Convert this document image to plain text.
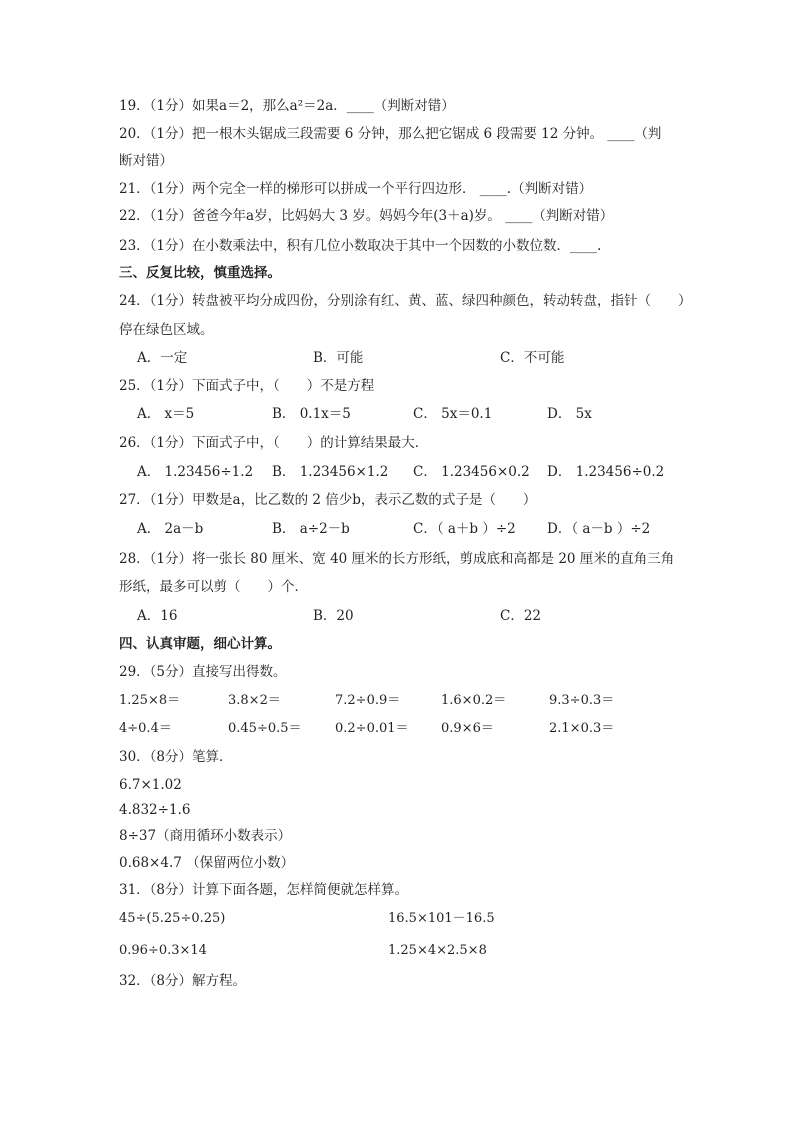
19．（1分）如果a＝2，那么a²＝2a．____（判断对错）
20．（1分）把一根木头锯成三段需要 6 分钟，那么把它锯成 6 段需要 12 分钟。 ____（判
断对错）
21．（1分）两个完全一样的梯形可以拼成一个平行四边形． ____.（判断对错）
22．（1分）爸爸今年a岁，比妈妈大 3 岁。妈妈今年(3＋a)岁。 ____（判断对错）
23．（1分）在小数乘法中，积有几位小数取决于其中一个因数的小数位数．____.
三、反复比较，慎重选择。
24．（1分）转盘被平均分成四份，分别涂有红、黄、蓝、绿四种颜色，转动转盘，指针（　　）
停在绿色区域。
A．一定	B．可能	C．不可能
25．（1分）下面式子中，（　　）不是方程
A． x＝5	B． 0.1x＝5	C． 5x＝0.1	D． 5x
26．（1分）下面式子中，（　　）的计算结果最大．
A． 1.23456÷1.2 B． 1.23456×1.2 C． 1.23456×0.2 D． 1.23456÷0.2
27．（1分）甲数是a，比乙数的 2 倍少b，表示乙数的式子是（　　）
A． 2a－b	B． a÷2－b	C．（ a＋b ）÷2 D．（ a－b ）÷2
28．（1分）将一张长 80 厘米、宽 40 厘米的长方形纸，剪成底和高都是 20 厘米的直角三角
形纸，最多可以剪（　　）个．
A．16	B．20	C．22
四、认真审题，细心计算。
29．（5分）直接写出得数。
1.25×8＝	3.8×2＝	7.2÷0.9＝	1.6×0.2＝	9.3÷0.3＝
4÷0.4＝	0.45÷0.5＝	0.2÷0.01＝ 0.9×6＝	2.1×0.3＝
30．（8分）笔算．
6.7×1.02
4.832÷1.6
8÷37（商用循环小数表示）
0.68×4.7 （保留两位小数）
31．（8分）计算下面各题，怎样简便就怎样算。
45÷(5.25÷0.25)	16.5×101－16.5
0.96÷0.3×14	1.25×4×2.5×8
32．（8分）解方程。
